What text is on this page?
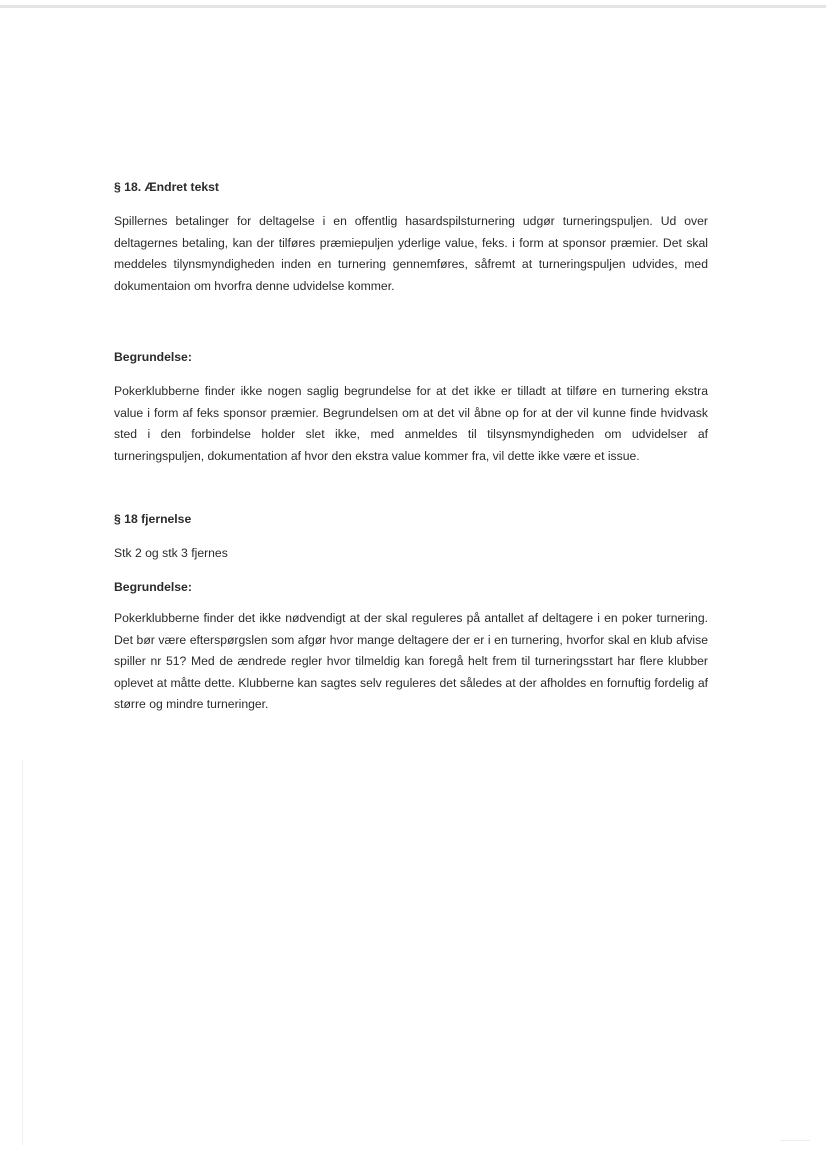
§ 18. Ændret tekst

Spillernes betalinger for deltagelse i en offentlig hasardspilsturnering udgør turneringspuljen. Ud over deltagernes betaling, kan der tilføres præmiepuljen yderlige value, feks. i form at sponsor præmier. Det skal meddeles tilynsmyndigheden inden en turnering gennemføres, såfremt at turneringspuljen udvides, med dokumentaion om hvorfra denne udvidelse kommer.

Begrundelse:

Pokerklubberne finder ikke nogen saglig begrundelse for at det ikke er tilladt at tilføre en turnering ekstra value i form af feks sponsor præmier. Begrundelsen om at det vil åbne op for at der vil kunne finde hvidvask sted i den forbindelse holder slet ikke, med anmeldes til tilsynsmyndigheden om udvidelser af turneringspuljen, dokumentation af hvor den ekstra value kommer fra, vil dette ikke være et issue.

§ 18 fjernelse

Stk 2 og stk 3 fjernes

Begrundelse:

Pokerklubberne finder det ikke nødvendigt at der skal reguleres på antallet af deltagere i en poker turnering. Det bør være efterspørgslen som afgør hvor mange deltagere der er i en turnering, hvorfor skal en klub afvise spiller nr 51? Med de ændrede regler hvor tilmeldig kan foregå helt frem til turneringsstart har flere klubber oplevet at måtte dette. Klubberne kan sagtes selv reguleres det således at der afholdes en fornuftig fordelig af større og mindre turneringer.
